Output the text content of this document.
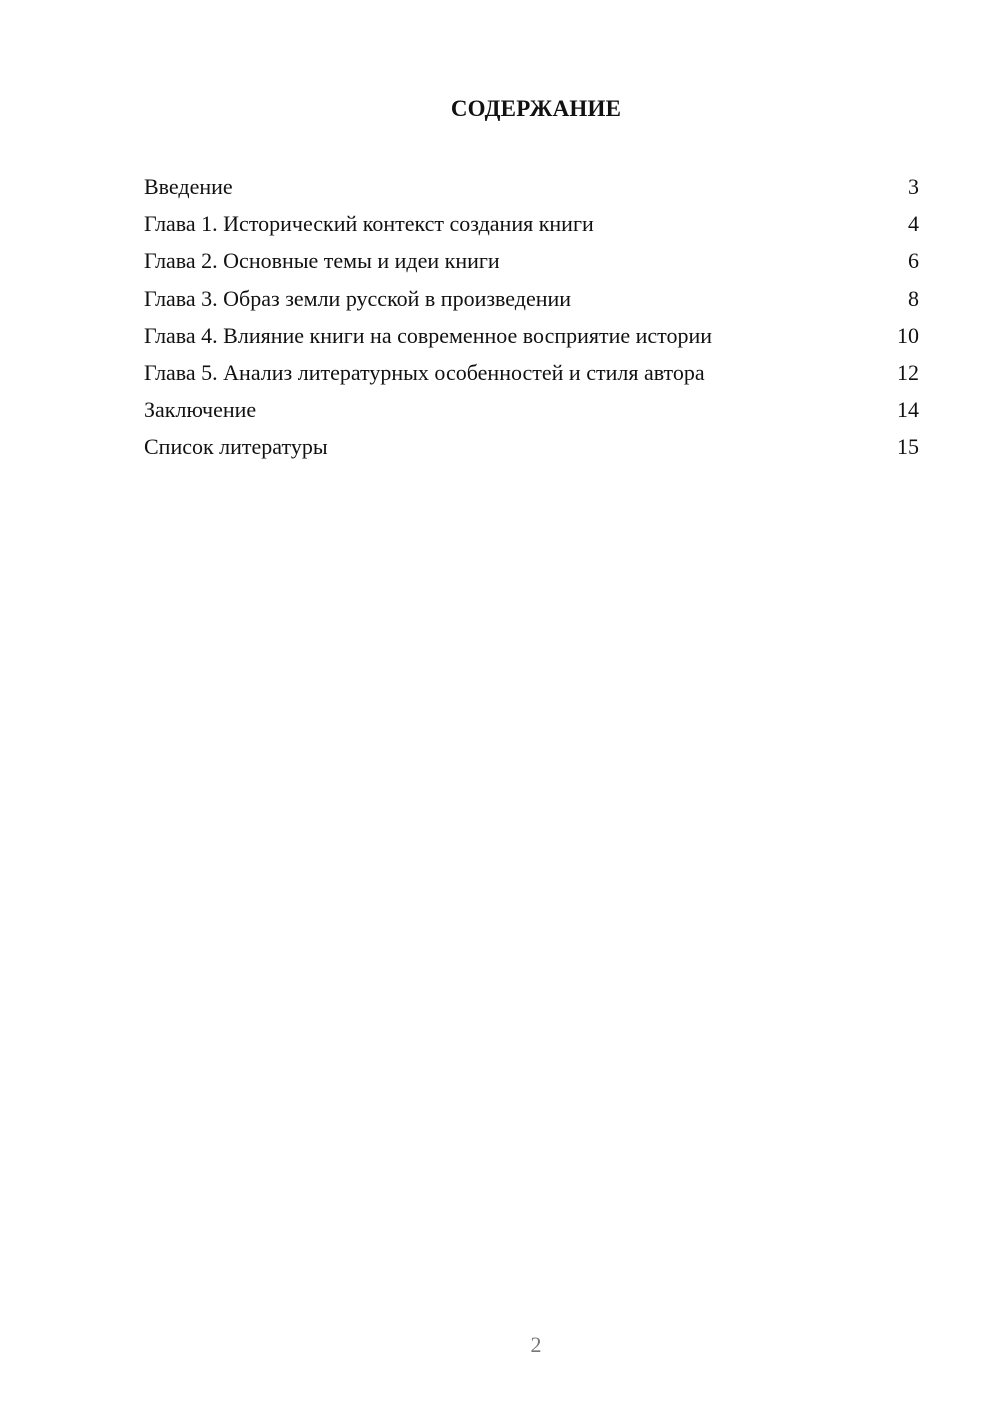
СОДЕРЖАНИЕ
Введение	3
Глава 1. Исторический контекст создания книги	4
Глава 2. Основные темы и идеи книги	6
Глава 3. Образ земли русской в произведении	8
Глава 4. Влияние книги на современное восприятие истории	10
Глава 5. Анализ литературных особенностей и стиля автора	12
Заключение	14
Список литературы	15
2
